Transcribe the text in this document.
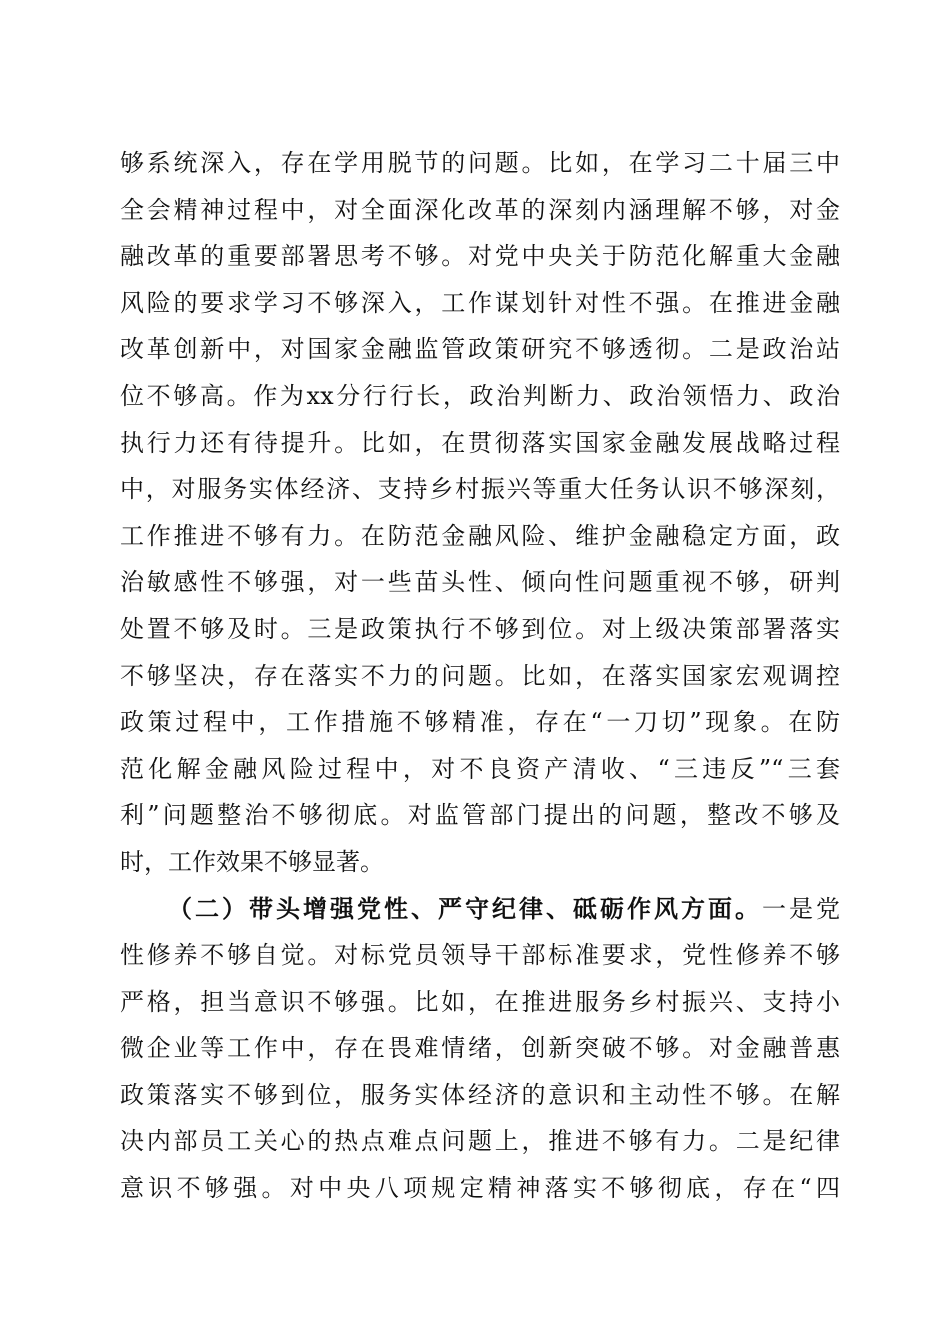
够系统深入，存在学用脱节的问题。比如，在学习二十届三中
全会精神过程中，对全面深化改革的深刻内涵理解不够，对金
融改革的重要部署思考不够。对党中央关于防范化解重大金融
风险的要求学习不够深入，工作谋划针对性不强。在推进金融
改革创新中，对国家金融监管政策研究不够透彻。二是政治站
位不够高。作为xx分行行长，政治判断力、政治领悟力、政治
执行力还有待提升。比如，在贯彻落实国家金融发展战略过程
中，对服务实体经济、支持乡村振兴等重大任务认识不够深刻，
工作推进不够有力。在防范金融风险、维护金融稳定方面，政
治敏感性不够强，对一些苗头性、倾向性问题重视不够，研判
处置不够及时。三是政策执行不够到位。对上级决策部署落实
不够坚决，存在落实不力的问题。比如，在落实国家宏观调控
政策过程中，工作措施不够精准，存在“一刀切”现象。在防
范化解金融风险过程中，对不良资产清收、“三违反”“三套
利”问题整治不够彻底。对监管部门提出的问题，整改不够及
时，工作效果不够显著。
（二）带头增强党性、严守纪律、砥砺作风方面。一是党
性修养不够自觉。对标党员领导干部标准要求，党性修养不够
严格，担当意识不够强。比如，在推进服务乡村振兴、支持小
微企业等工作中，存在畏难情绪，创新突破不够。对金融普惠
政策落实不够到位，服务实体经济的意识和主动性不够。在解
决内部员工关心的热点难点问题上，推进不够有力。二是纪律
意识不够强。对中央八项规定精神落实不够彻底，存在“四
